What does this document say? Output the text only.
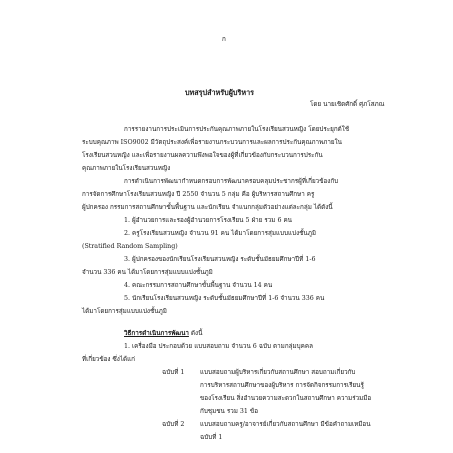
ก
บทสรุปสำหรับผู้บริหาร
โดย นายเชิดศักดิ์ ศุภโสภณ
การรายงานการประเมินการประกันคุณภาพภายในโรงเรียนสวนหญิง โดยประยุกต์ใช้
ระบบคุณภาพ ISO9002 มีวัตถุประสงค์เพื่อรายงานกระบวนการและผลการประกันคุณภาพภายใน
โรงเรียนสวนหญิง และเพื่อรายงานผลความพึงพอใจของผู้ที่เกี่ยวข้องกับกระบวนการประกัน
คุณภาพภายในโรงเรียนสวนหญิง
การดำเนินการพัฒนากำหนดกรอบการพัฒนาครอบคลุมประชากรผู้ที่เกี่ยวข้องกับ
การจัดการศึกษาโรงเรียนสวนหญิง ปี 2550 จำนวน 5 กลุ่ม คือ ผู้บริหารสถานศึกษา ครู
ผู้ปกครอง กรรมการสถานศึกษาขั้นพื้นฐาน และนักเรียน จำแนกกลุ่มตัวอย่างแต่ละกลุ่ม ได้ดังนี้
1. ผู้อำนวยการและรองผู้อำนวยการโรงเรียน 5 ฝ่าย รวม 6 คน
2. ครูโรงเรียนสวนหญิง จำนวน 91 คน ได้มาโดยการสุ่มแบบแบ่งชั้นภูมิ
(Stratified Random Sampling)
3. ผู้ปกครองของนักเรียนโรงเรียนสวนหญิง ระดับชั้นมัธยมศึกษาปีที่ 1-6
จำนวน 336 คน ได้มาโดยการสุ่มแบบแบ่งชั้นภูมิ
4. คณะกรรมการสถานศึกษาขั้นพื้นฐาน จำนวน 14 คน
5. นักเรียนโรงเรียนสวนหญิง ระดับชั้นมัธยมศึกษาปีที่ 1-6 จำนวน 336 คน
ได้มาโดยการสุ่มแบบแบ่งชั้นภูมิ
วิธีการดำเนินการพัฒนา ดังนี้
1. เครื่องมือ ประกอบด้วย แบบสอบถาม จำนวน 6 ฉบับ ตามกลุ่มบุคคล
ที่เกี่ยวข้อง ซึ่งได้แก่
ฉบับที่ 1 แบบสอบถามผู้บริหารเกี่ยวกับสถานศึกษา สอบถามเกี่ยวกับ
การบริหารสถานศึกษาของผู้บริหาร การจัดกิจกรรมการเรียนรู้
ของโรงเรียน สิ่งอำนวยความสะดวกในสถานศึกษา ความร่วมมือ
กับชุมชน รวม 31 ข้อ
ฉบับที่ 2 แบบสอบถามครู/อาจารย์เกี่ยวกับสถานศึกษา มีข้อคำถามเหมือน
ฉบับที่ 1
